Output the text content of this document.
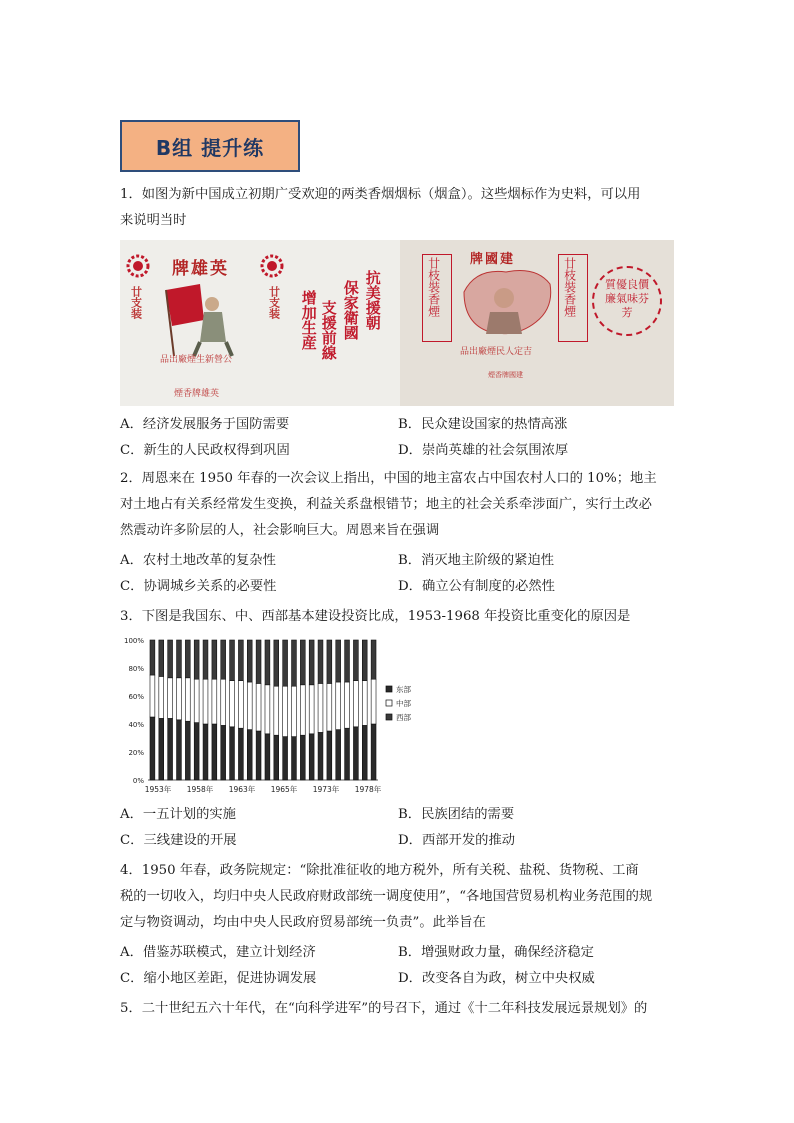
B组 提升练
1．如图为新中国成立初期广受欢迎的两类香烟烟标（烟盒）。这些烟标作为史料，可以用
来说明当时
牌雄英
廿支装	廿支装 增加生産 支援前線 保家衛國 抗美援朝
品出廠煙生新營公
煙香牌雄英
牌國建
廿枝裝香煙	廿枝裝香煙	質優良價廉氣味芬芳
品出廠煙民人定吉
煙香牌國建
A．经济发展服务于国防需要	B．民众建设国家的热情高涨
C．新生的人民政权得到巩固	D．崇尚英雄的社会氛围浓厚
2．周恩来在 1950 年春的一次会议上指出，中国的地主富农占中国农村人口的 10%；地主
对土地占有关系经常发生变换，利益关系盘根错节；地主的社会关系牵涉面广，实行土改必
然震动许多阶层的人，社会影响巨大。周恩来旨在强调
A．农村土地改革的复杂性	B．消灭地主阶级的紧迫性
C．协调城乡关系的必要性	D．确立公有制度的必然性
3．下图是我国东、中、西部基本建设投资比成，1953-1968 年投资比重变化的原因是
0%
20%
40%
60%
80%
100%
1953年 1958年 1963年 1965年 1973年 1978年
东部
中部
西部
A．一五计划的实施	B．民族团结的需要
C．三线建设的开展	D．西部开发的推动
4．1950 年春，政务院规定：“除批准征收的地方税外，所有关税、盐税、货物税、工商
税的一切收入，均归中央人民政府财政部统一调度使用”，“各地国营贸易机构业务范围的规
定与物资调动，均由中央人民政府贸易部统一负责”。此举旨在
A．借鉴苏联模式，建立计划经济	B．增强财政力量，确保经济稳定
C．缩小地区差距，促进协调发展	D．改变各自为政，树立中央权威
5．二十世纪五六十年代，在“向科学进军”的号召下，通过《十二年科技发展远景规划》的
